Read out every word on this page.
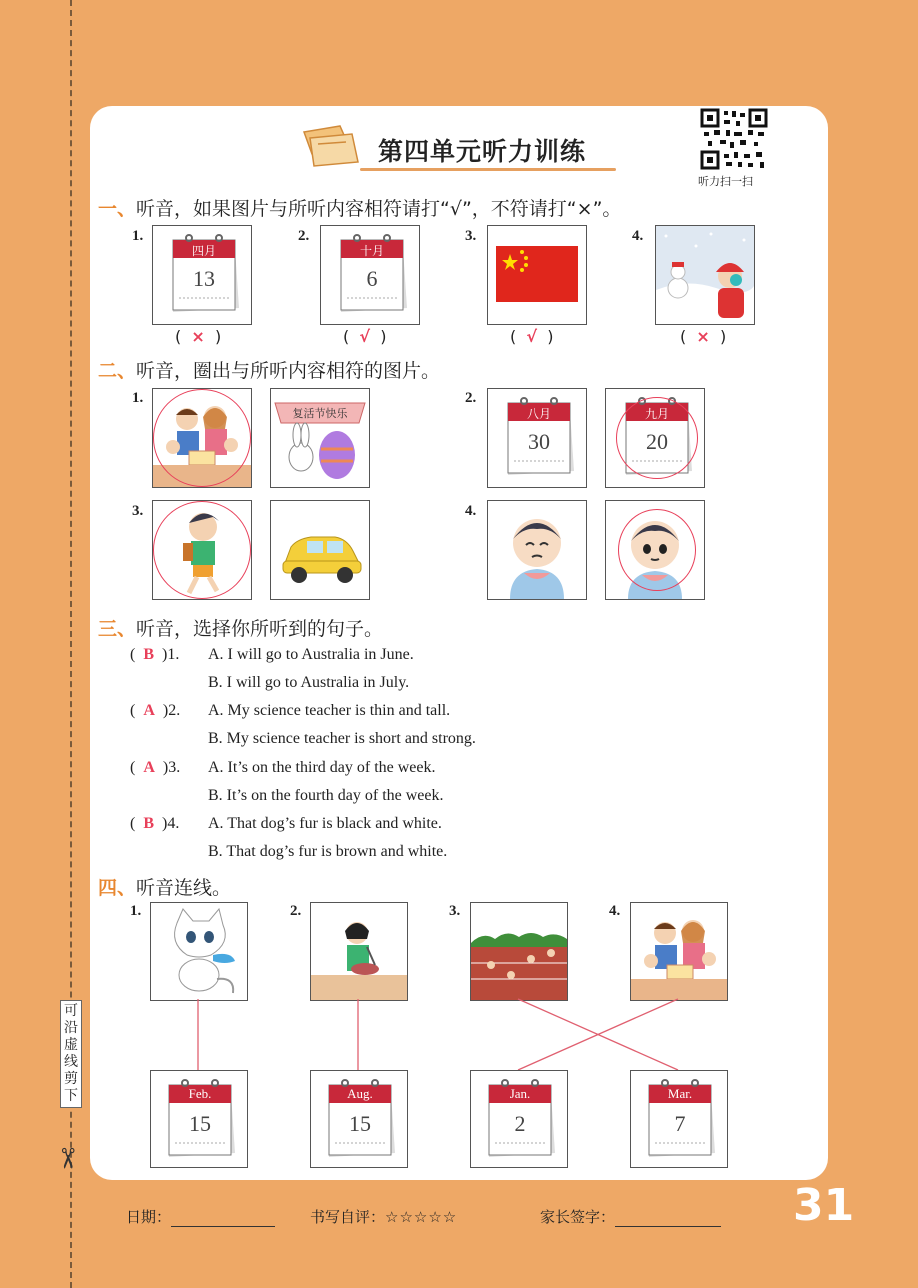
可沿虚线剪下
✂
第四单元听力训练
听力扫一扫
一、听音，如果图片与所听内容相符请打“√”，不符请打“×”。
1.
四月
13
(  ×  )
2.
十月
6
(  √  )
3.
(  √  )
4.
(  ×  )
二、听音，圈出与所听内容相符的图片。
1.
复活节快乐
2.
八月
30
九月
20
3.	4.
三、听音，选择你所听到的句子。
(  B )1. A. I will go to Australia in June.
B. I will go to Australia in July.
(  A )2. A. My science teacher is thin and tall.
B. My science teacher is short and strong.
(  A )3. A. It’s on the third day of the week.
B. It’s on the fourth day of the week.
(  B )4. A. That dog’s fur is black and white.
B. That dog’s fur is brown and white.
四、听音连线。
1.	2.	3.	4.
Feb.
15
Aug.
15
Jan.
2
Mar.
7
日期：	书写自评：☆☆☆☆☆	家长签字：	31
